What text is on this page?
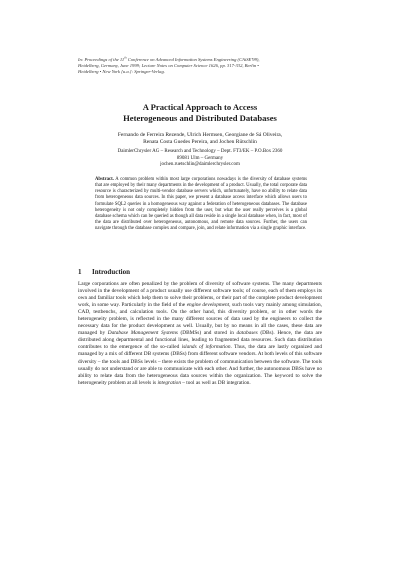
In: Proceedings of the 11th Conference on Advanced Information Systems Engineering (CAiSE'99),
Heidelberg, Germany, June 1999; Lecture Notes on Computer Science 1626, pp. 317-332, Berlin •
Heidelberg • New York [u.a.]: Springer-Verlag.
A Practical Approach to Access
Heterogeneous and Distributed Databases
Fernando de Ferreira Rezende, Ulrich Hermsen, Georgiane de Sá Oliveira,
Renata Costa Guedes Pereira, and Jochen Rütschlin
DaimlerChrysler AG – Research and Technology – Dept. FT3/EK – P.O.Box 2360
89081 Ulm – Germany
jochen.ruetschlin@daimlerchrysler.com
Abstract. A common problem within most large corporations nowadays is the diversity of database systems that are employed by their many departments in the development of a product. Usually, the total corporate data resource is characterized by multi-vendor database servers which, unfortunately, have no ability to relate data from heterogeneous data sources. In this paper, we present a database access interface which allows users to formulate SQL2 queries in a homogeneous way against a federation of heterogeneous databases. The database heterogeneity is not only completely hidden from the user, but what the user really perceives is a global database schema which can be queried as though all data reside in a single local database when, in fact, most of the data are distributed over heterogeneous, autonomous, and remote data sources. Further, the users can navigate through the database complex and compare, join, and relate information via a single graphic interface.
1 Introduction
Large corporations are often penalized by the problem of diversity of software systems. The many departments involved in the development of a product usually use different software tools; of course, each of them employs its own and familiar tools which help them to solve their problems, or their part of the complete product development work, in some way. Particularly in the field of the engine development, such tools vary mainly among simulation, CAD, testbenchs, and calculation tools. On the other hand, this diversity problem, or in other words the heterogeneity problem, is reflected in the many different sources of data used by the engineers to collect the necessary data for the product development as well. Usually, but by no means in all the cases, these data are managed by Database Management Systems (DBMSs) and stored in databases (DBs). Hence, the data are distributed along departmental and functional lines, leading to fragmented data resources. Such data distribution contributes to the emergence of the so-called islands of information. Thus, the data are lastly organized and managed by a mix of different DB systems (DBSs) from different software vendors. At both levels of this software diversity – the tools and DBSs levels – there exists the problem of communication between the software. The tools usually do not understand or are able to communicate with each other. And further, the autonomous DBSs have no ability to relate data from the heterogeneous data sources within the organization. The keyword to solve the heterogeneity problem at all levels is integration – tool as well as DB integration.
